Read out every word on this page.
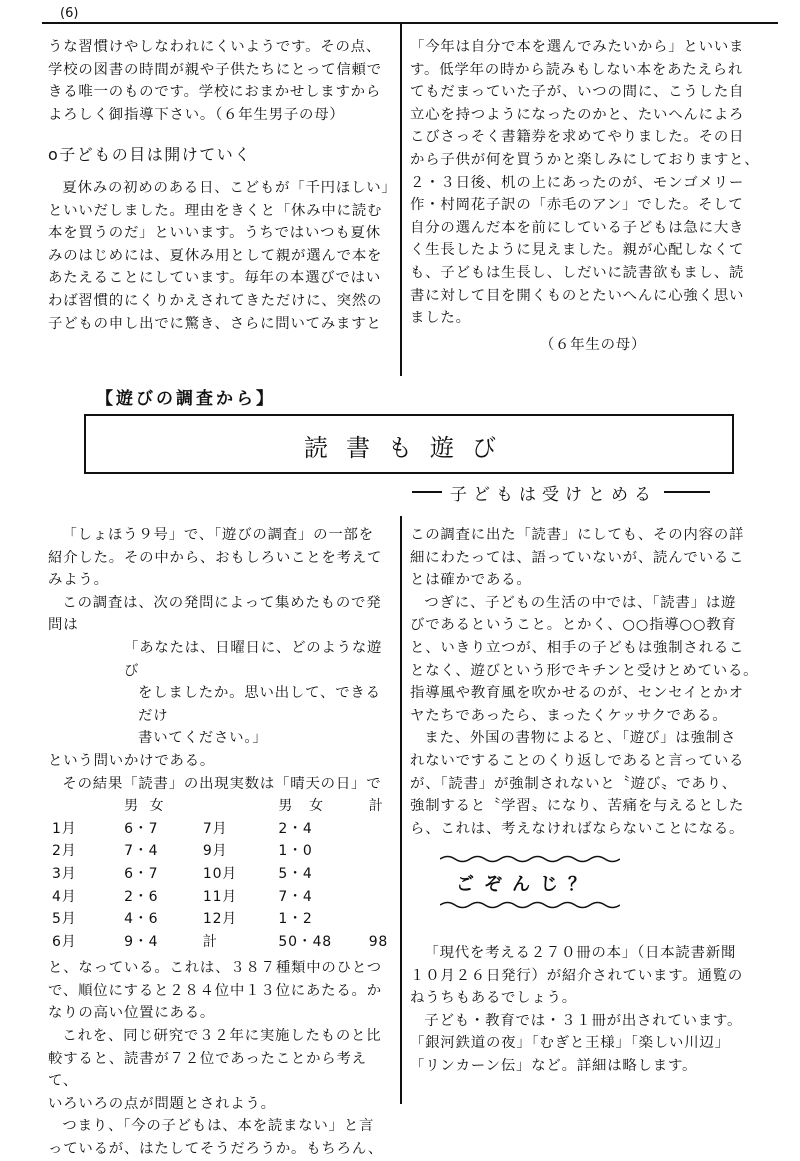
(6)

うな習慣けやしなわれにくいようです。その点、

学校の図書の時間が親や子供たちにとって信頼で

きる唯一のものです。学校におまかせしますから

よろしく御指導下さい。（６年生男子の母）

o子どもの目は開けていく

夏休みの初めのある日、こどもが「千円ほしい」

といいだしました。理由をきくと「休み中に読む

本を買うのだ」といいます。うちではいつも夏休

みのはじめには、夏休み用として親が選んで本を

あたえることにしています。毎年の本選びではい

わば習慣的にくりかえされてきただけに、突然の

子どもの申し出でに驚き、さらに問いてみますと

「今年は自分で本を選んでみたいから」といいま

す。低学年の時から読みもしない本をあたえられ

てもだまっていた子が、いつの間に、こうした自

立心を持つようになったのかと、たいへんによろ

こびさっそく書籍券を求めてやりました。その日

から子供が何を買うかと楽しみにしておりますと、

２・３日後、机の上にあったのが、モンゴメリー

作・村岡花子訳の「赤毛のアン」でした。そして

自分の選んだ本を前にしている子どもは急に大き

く生長したように見えました。親が心配しなくて

も、子どもは生長し、しだいに読書欲もまし、読

書に対して目を開くものとたいへんに心強く思い

ました。

（６年生の母）

【遊びの調査から】
読書も遊び
子どもは受けとめる

「しょほう９号」で、「遊びの調査」の一部を

紹介した。その中から、おもしろいことを考えて

みよう。

この調査は、次の発問によって集めたもので発

問は

「あなたは、日曜日に、どのような遊び

をしましたか。思い出して、できるだけ

書いてください。」

という問いかけである。

その結果「読書」の出現実数は「晴天の日」で

	男 女		男 女	計
1月	6・7	7月	2・4	
2月	7・4	9月	1・0	
3月	6・7	10月	5・4	
4月	2・6	11月	7・4	
5月	4・6	12月	1・2	
6月	9・4	計	50・48	98

と、なっている。これは、３８７種類中のひとつ

で、順位にすると２８４位中１３位にあたる。か

なりの高い位置にある。

これを、同じ研究で３２年に実施したものと比

較すると、読書が７２位であったことから考えて、

いろいろの点が問題とされよう。

つまり、「今の子どもは、本を読まない」と言

っているが、はたしてそうだろうか。もちろん、

この調査に出た「読書」にしても、その内容の詳

細にわたっては、語っていないが、読んでいるこ

とは確かである。

つぎに、子どもの生活の中では、「読書」は遊

びであるということ。とかく、○○指導○○教育

と、いきり立つが、相手の子どもは強制されるこ

となく、遊びという形でキチンと受けとめている。

指導風や教育風を吹かせるのが、センセイとかオ

ヤたちであったら、まったくケッサクである。

また、外国の書物によると、「遊び」は強制さ

れないですることのくり返しであると言っている

が、「読書」が強制されないと〝遊び〟であり、

強制すると〝学習〟になり、苦痛を与えるとした

ら、これは、考えなければならないことになる。

ごぞんじ？

「現代を考える２７０冊の本」（日本読書新聞

１０月２６日発行）が紹介されています。通覧の

ねうちもあるでしょう。

子ども・教育では・３１冊が出されています。

「銀河鉄道の夜」「むぎと王様」「楽しい川辺」

「リンカーン伝」など。詳細は略します。
